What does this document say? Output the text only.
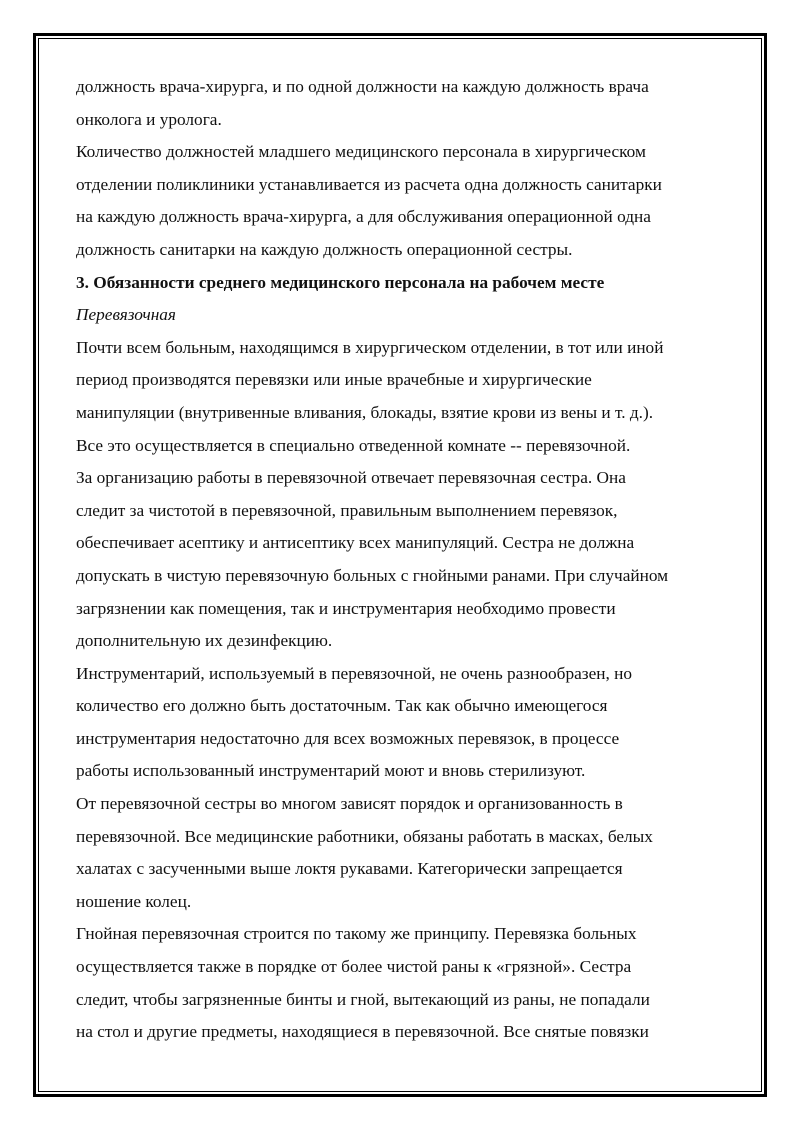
должность врача-хирурга, и по одной должности на каждую должность врача
онколога и уролога.
Количество должностей младшего медицинского персонала в хирургическом
отделении поликлиники устанавливается из расчета одна должность санитарки
на каждую должность врача-хирурга, а для обслуживания операционной одна
должность санитарки на каждую должность операционной сестры.
3. Обязанности среднего медицинского персонала на рабочем месте
Перевязочная
Почти всем больным, находящимся в хирургическом отделении, в тот или иной
период производятся перевязки или иные врачебные и хирургические
манипуляции (внутривенные вливания, блокады, взятие крови из вены и т. д.).
Все это осуществляется в специально отведенной комнате -- перевязочной.
За организацию работы в перевязочной отвечает перевязочная сестра. Она
следит за чистотой в перевязочной, правильным выполнением перевязок,
обеспечивает асептику и антисептику всех манипуляций. Сестра не должна
допускать в чистую перевязочную больных с гнойными ранами. При случайном
загрязнении как помещения, так и инструментария необходимо провести
дополнительную их дезинфекцию.
Инструментарий, используемый в перевязочной, не очень разнообразен, но
количество его должно быть достаточным. Так как обычно имеющегося
инструментария недостаточно для всех возможных перевязок, в процессе
работы использованный инструментарий моют и вновь стерилизуют.
От перевязочной сестры во многом зависят порядок и организованность в
перевязочной. Все медицинские работники, обязаны работать в масках, белых
халатах с засученными выше локтя рукавами. Категорически запрещается
ношение колец.
Гнойная перевязочная строится по такому же принципу. Перевязка больных
осуществляется также в порядке от более чистой раны к «грязной». Сестра
следит, чтобы загрязненные бинты и гной, вытекающий из раны, не попадали
на стол и другие предметы, находящиеся в перевязочной. Все снятые повязки
